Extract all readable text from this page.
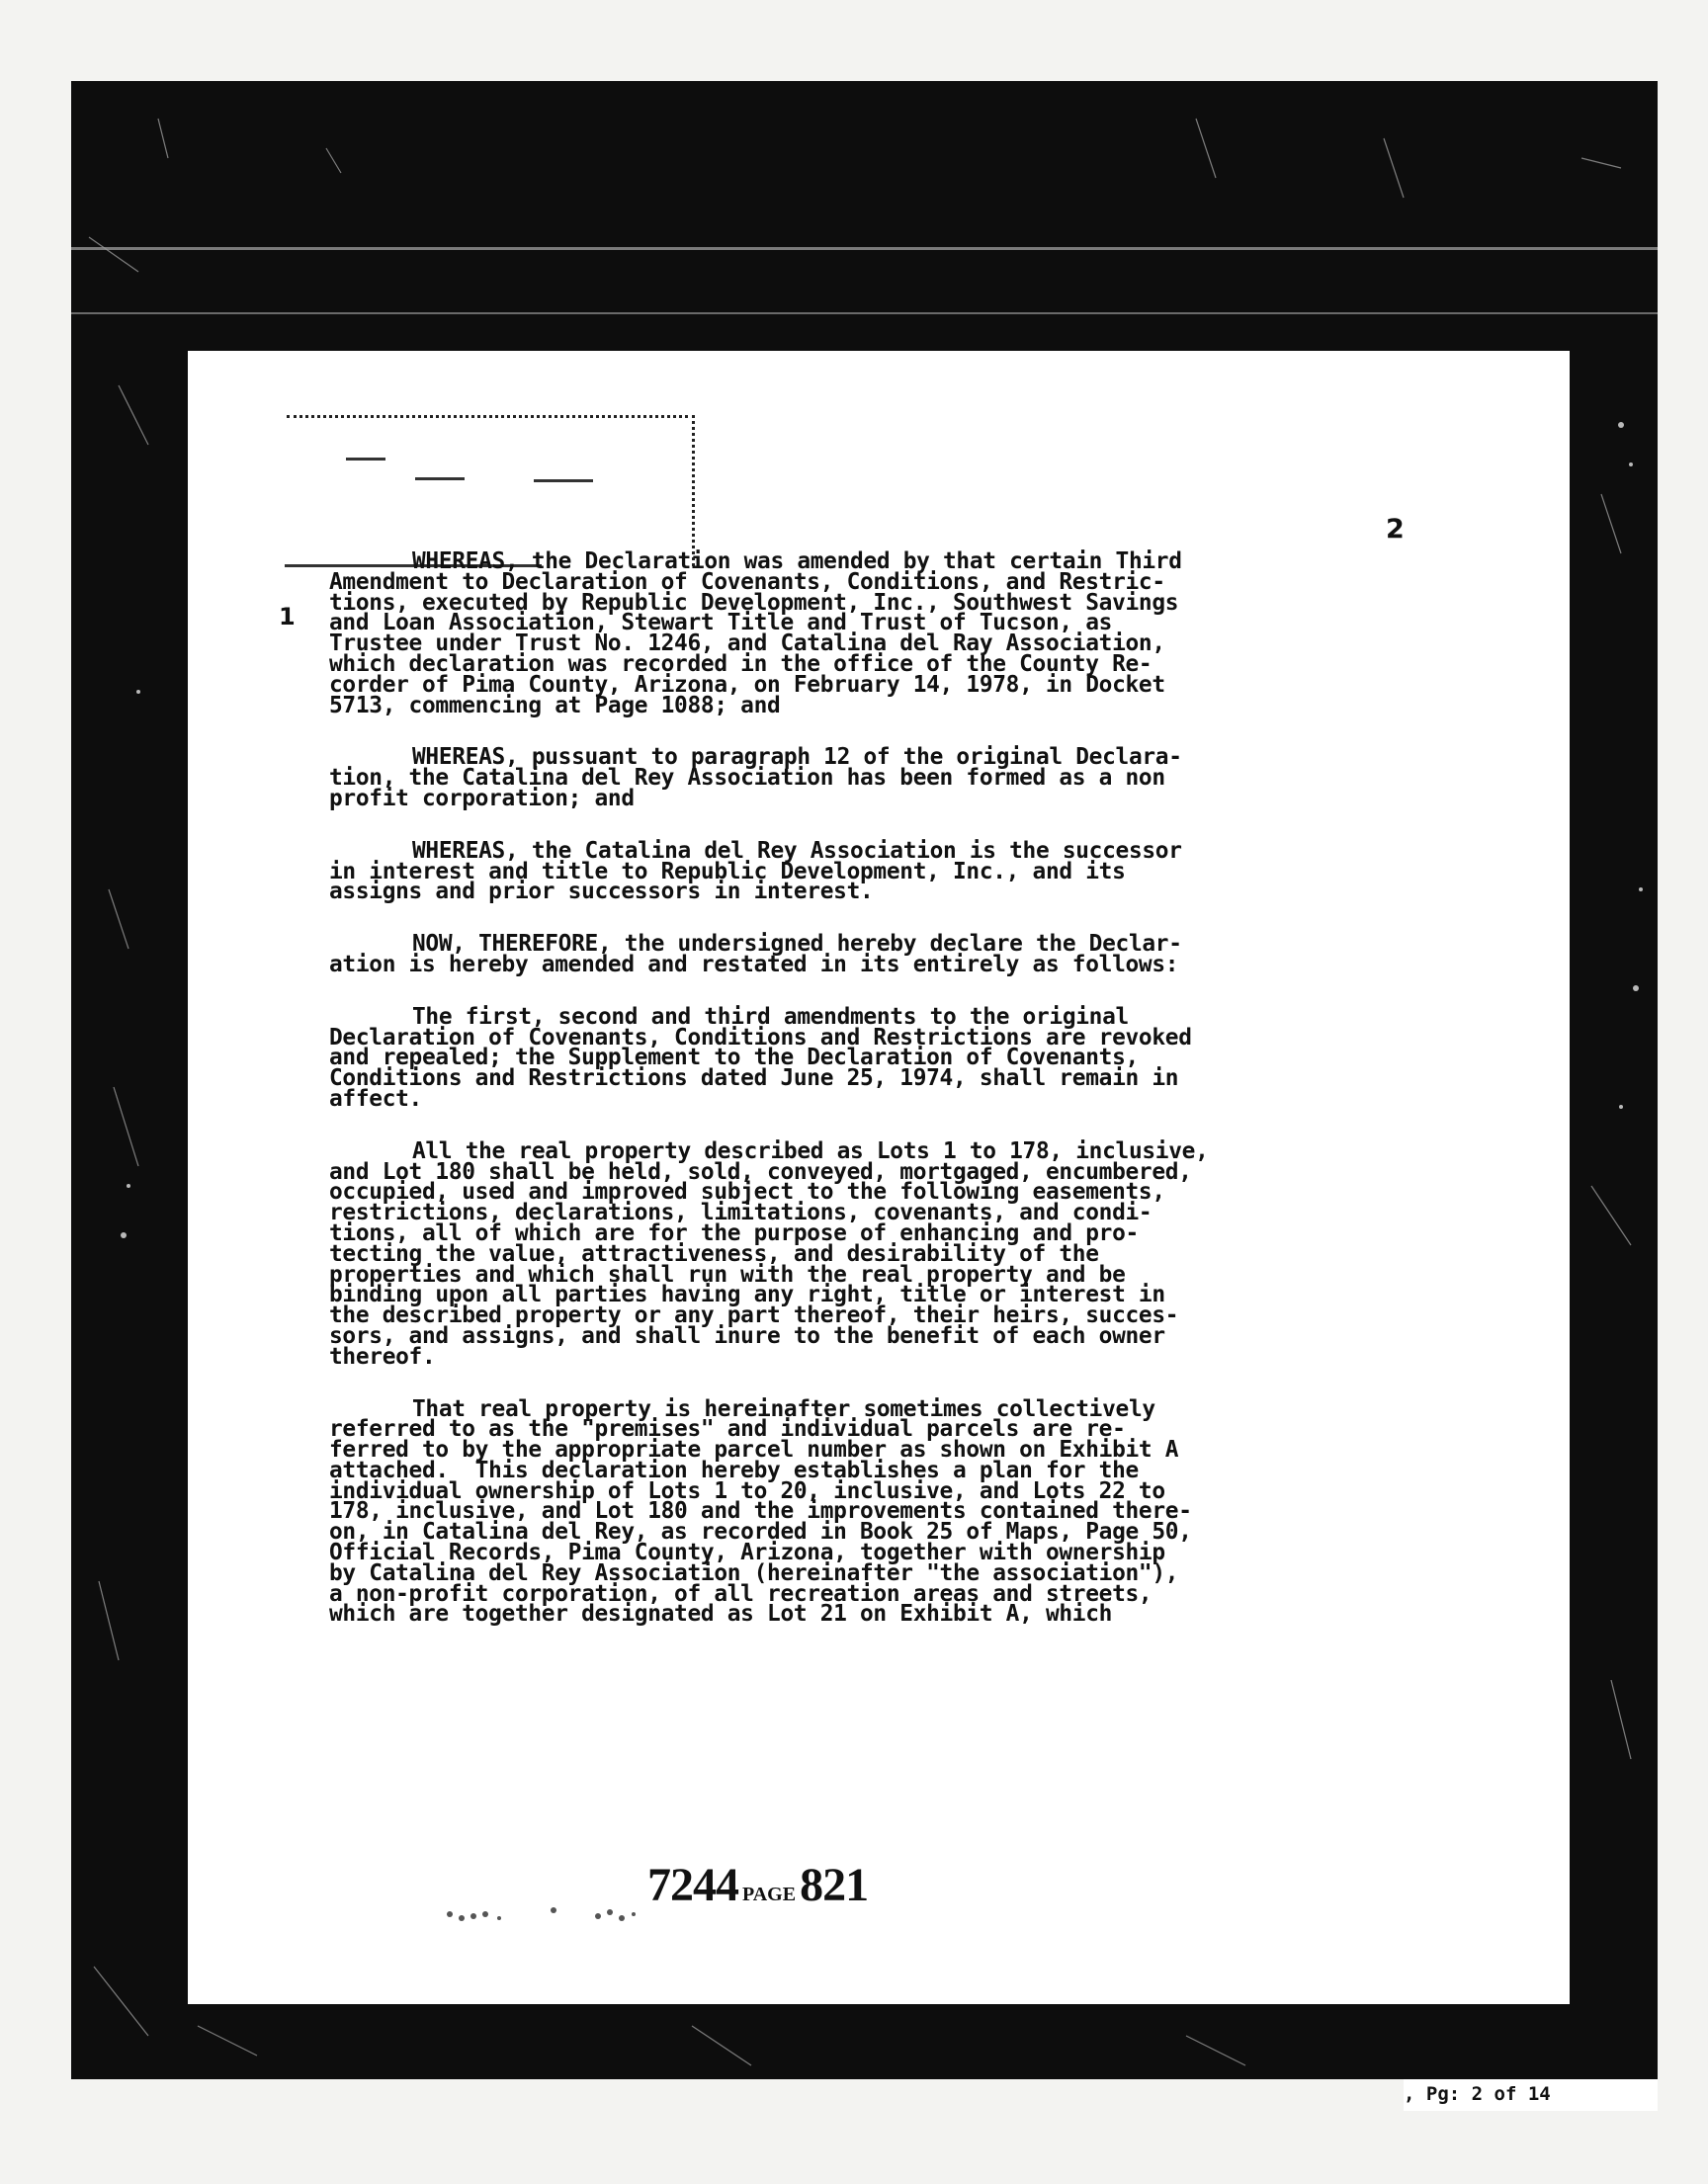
1
2
WHEREAS, the Declaration was amended by that certain Third
Amendment to Declaration of Covenants, Conditions, and Restric-
tions, executed by Republic Development, Inc., Southwest Savings
and Loan Association, Stewart Title and Trust of Tucson, as
Trustee under Trust No. 1246, and Catalina del Ray Association,
which declaration was recorded in the office of the County Re-
corder of Pima County, Arizona, on February 14, 1978, in Docket
5713, commencing at Page 1088; and
WHEREAS, pussuant to paragraph 12 of the original Declara-
tion, the Catalina del Rey Association has been formed as a non
profit corporation; and
WHEREAS, the Catalina del Rey Association is the successor
in interest and title to Republic Development, Inc., and its
assigns and prior successors in interest.
NOW, THEREFORE, the undersigned hereby declare the Declar-
ation is hereby amended and restated in its entirely as follows:
The first, second and third amendments to the original
Declaration of Covenants, Conditions and Restrictions are revoked
and repealed; the Supplement to the Declaration of Covenants,
Conditions and Restrictions dated June 25, 1974, shall remain in
affect.
All the real property described as Lots 1 to 178, inclusive,
and Lot 180 shall be held, sold, conveyed, mortgaged, encumbered,
occupied, used and improved subject to the following easements,
restrictions, declarations, limitations, covenants, and condi-
tions, all of which are for the purpose of enhancing and pro-
tecting the value, attractiveness, and desirability of the
properties and which shall run with the real property and be
binding upon all parties having any right, title or interest in
the described property or any part thereof, their heirs, succes-
sors, and assigns, and shall inure to the benefit of each owner
thereof.
That real property is hereinafter sometimes collectively
referred to as the "premises" and individual parcels are re-
ferred to by the appropriate parcel number as shown on Exhibit A
attached.  This declaration hereby establishes a plan for the
individual ownership of Lots 1 to 20, inclusive, and Lots 22 to
178, inclusive, and Lot 180 and the improvements contained there-
on, in Catalina del Rey, as recorded in Book 25 of Maps, Page 50,
Official Records, Pima County, Arizona, together with ownership
by Catalina del Rey Association (hereinafter "the association"),
a non-profit corporation, of all recreation areas and streets,
which are together designated as Lot 21 on Exhibit A, which
7244 PAGE821
, Pg: 2 of 14
